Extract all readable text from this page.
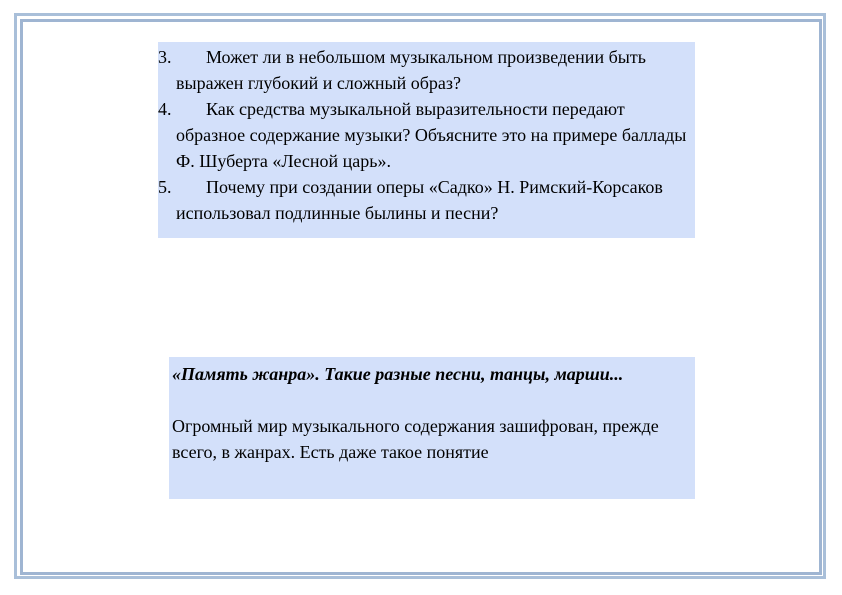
3. Может ли в небольшом музыкальном произведении быть выражен глубокий и сложный образ?

4. Как средства музыкальной выразительности передают образное содержание музыки? Объясните это на примере баллады Ф. Шуберта «Лесной царь».

5. Почему при создании оперы «Садко» Н. Римский-Корсаков использовал подлинные былины и песни?

«Память жанра». Такие разные песни, танцы, марши...

Огромный мир музыкального содержания зашифрован, прежде всего, в жанрах. Есть даже такое понятие
